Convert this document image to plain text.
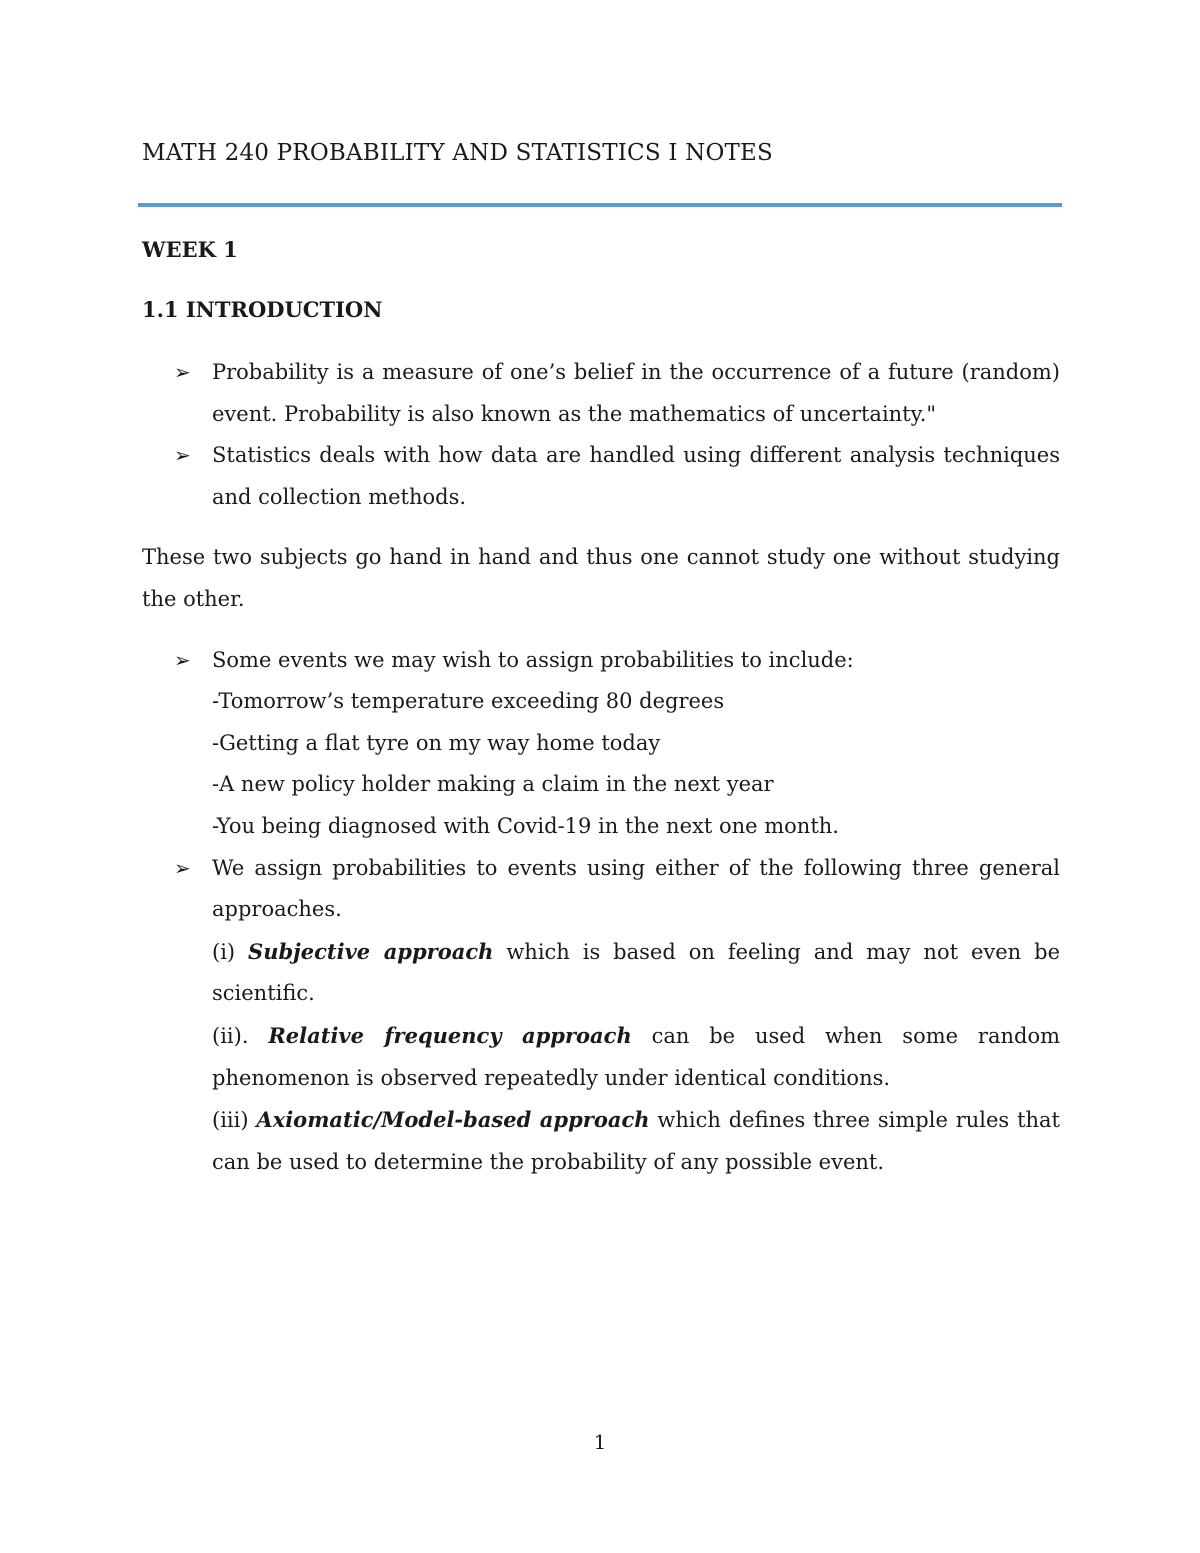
MATH 240 PROBABILITY AND STATISTICS I NOTES
WEEK 1
1.1 INTRODUCTION
➢ Probability is a measure of one’s belief in the occurrence of a future (random) event. Probability is also known as the mathematics of uncertainty."
➢ Statistics deals with how data are handled using different analysis techniques and collection methods.

These two subjects go hand in hand and thus one cannot study one without studying the other.

➢ Some events we may wish to assign probabilities to include:
-Tomorrow’s temperature exceeding 80 degrees
-Getting a flat tyre on my way home today
-A new policy holder making a claim in the next year
-You being diagnosed with Covid-19 in the next one month.
➢ We assign probabilities to events using either of the following three general approaches.
(i) Subjective approach which is based on feeling and may not even be scientific.
(ii). Relative frequency approach can be used when some random phenomenon is observed repeatedly under identical conditions.
(iii) Axiomatic/Model-based approach which defines three simple rules that can be used to determine the probability of any possible event.
1
